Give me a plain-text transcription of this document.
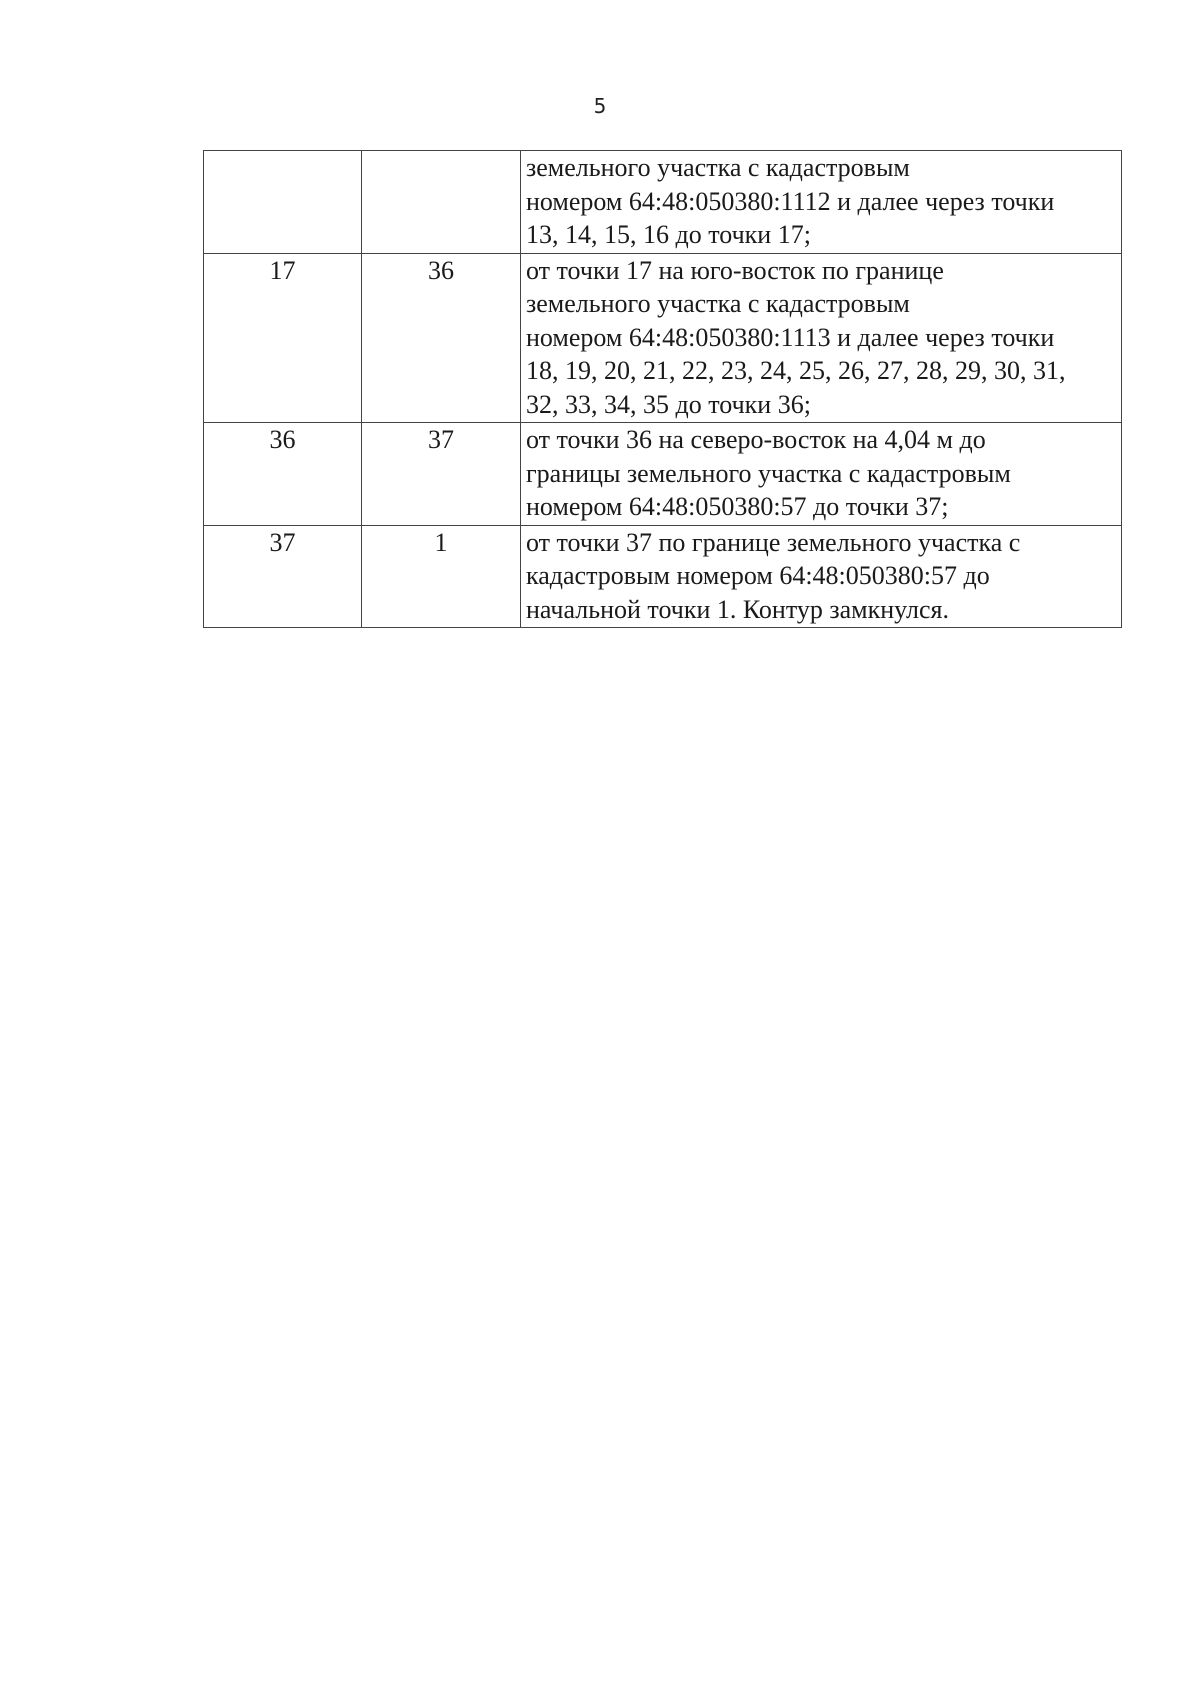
5

		земельного участка с кадастровым
номером 64:48:050380:1112 и далее через точки
13, 14, 15, 16 до точки 17;

17	36	от точки 17 на юго-восток по границе
земельного участка с кадастровым
номером 64:48:050380:1113 и далее через точки
18, 19, 20, 21, 22, 23, 24, 25, 26, 27, 28, 29, 30, 31,
32, 33, 34, 35 до точки 36;

36	37	от точки 36 на северо-восток на 4,04 м до
границы земельного участка с кадастровым
номером 64:48:050380:57 до точки 37;

37	1	от точки 37 по границе земельного участка с
кадастровым номером 64:48:050380:57 до
начальной точки 1. Контур замкнулся.
